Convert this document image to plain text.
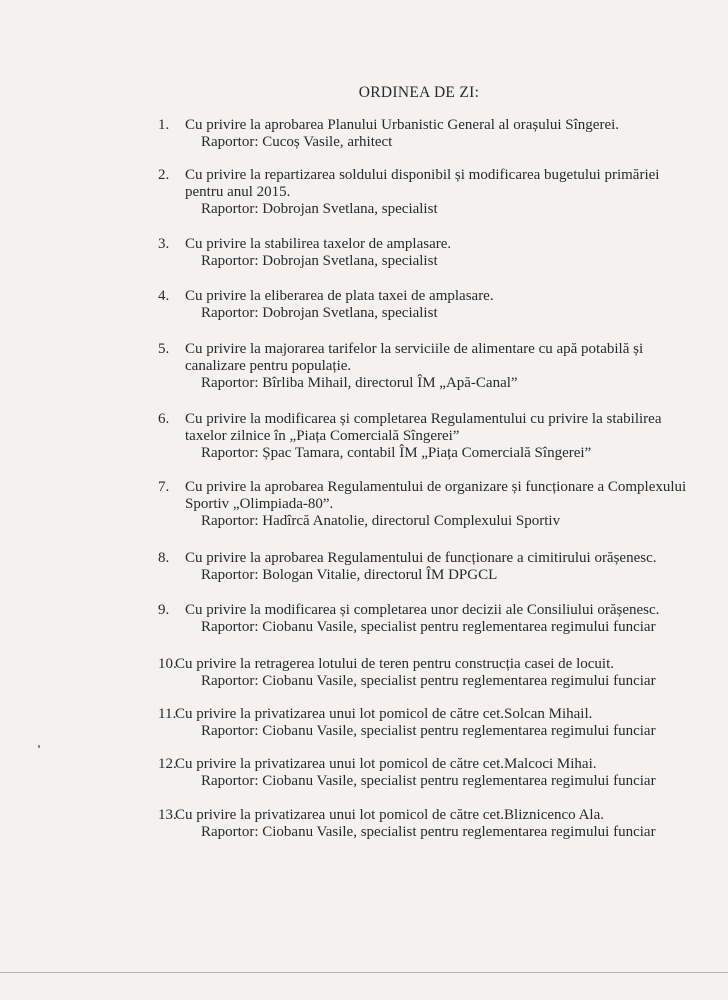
ORDINEA DE ZI:
1. Cu privire la aprobarea Planului Urbanistic General al orașului Sîngerei.
Raportor: Cucoș Vasile, arhitect
2. Cu privire la repartizarea soldului disponibil și modificarea bugetului primăriei pentru anul 2015.
Raportor: Dobrojan Svetlana, specialist
3. Cu privire la stabilirea taxelor de amplasare.
Raportor: Dobrojan Svetlana, specialist
4. Cu privire la eliberarea de plata taxei de amplasare.
Raportor: Dobrojan Svetlana, specialist
5. Cu privire la majorarea tarifelor la serviciile de alimentare cu apă potabilă și canalizare pentru populație.
Raportor: Bîrliba Mihail, directorul ÎM „Apă-Canal”
6. Cu privire la modificarea și completarea Regulamentului cu privire la stabilirea taxelor zilnice în „Piața Comercială Sîngerei”
Raportor: Șpac Tamara, contabil ÎM „Piața Comercială Sîngerei”
7. Cu privire la aprobarea Regulamentului de organizare și funcționare a Complexului Sportiv „Olimpiada-80”.
Raportor: Hadîrcă Anatolie, directorul Complexului Sportiv
8. Cu privire la aprobarea Regulamentului de funcționare a cimitirului orășenesc.
Raportor: Bologan Vitalie, directorul ÎM DPGCL
9. Cu privire la modificarea și completarea unor decizii ale Consiliului orășenesc.
Raportor: Ciobanu Vasile, specialist pentru reglementarea regimului funciar
10.
Cu privire la retragerea lotului de teren pentru construcția casei de locuit.
Raportor: Ciobanu Vasile, specialist pentru reglementarea regimului funciar
11.
Cu privire la privatizarea unui lot pomicol de către cet.Solcan Mihail.
Raportor: Ciobanu Vasile, specialist pentru reglementarea regimului funciar
12.
Cu privire la privatizarea unui lot pomicol de către cet.Malcoci Mihai.
Raportor: Ciobanu Vasile, specialist pentru reglementarea regimului funciar
13.
Cu privire la privatizarea unui lot pomicol de către cet.Bliznicenco Ala.
Raportor: Ciobanu Vasile, specialist pentru reglementarea regimului funciar
